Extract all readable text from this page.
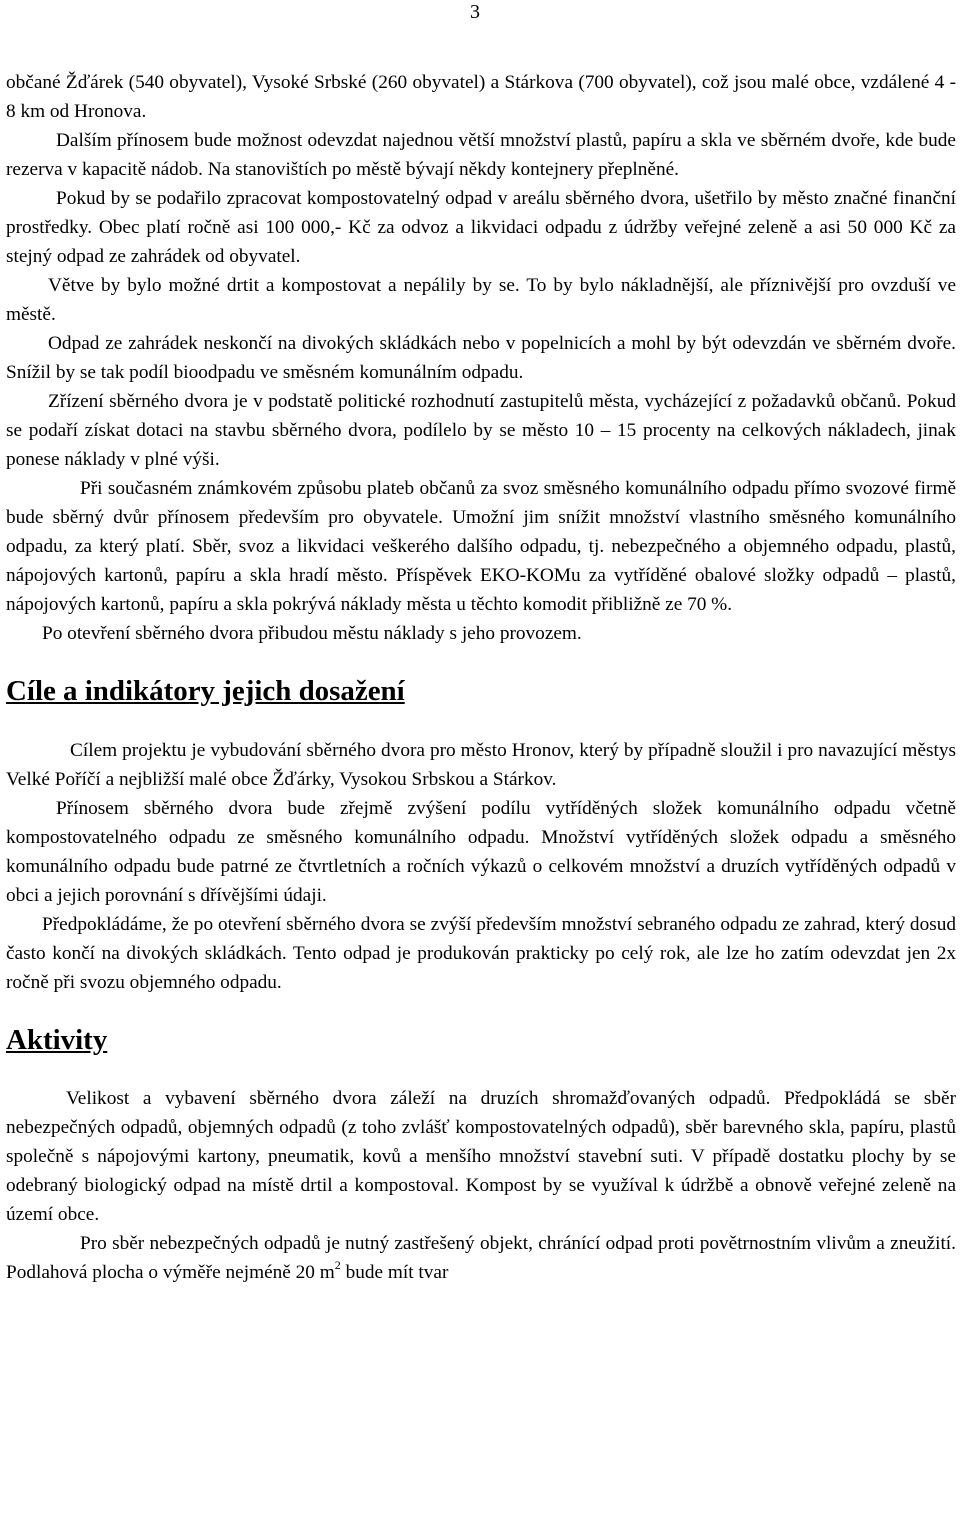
3

občané Žďárek (540 obyvatel), Vysoké Srbské (260 obyvatel) a Stárkova (700 obyvatel), což jsou malé obce, vzdálené 4 - 8 km od Hronova.

Dalším přínosem bude možnost odevzdat najednou větší množství plastů, papíru a skla ve sběrném dvoře, kde bude rezerva v kapacitě nádob. Na stanovištích po městě bývají někdy kontejnery přeplněné.

Pokud by se podařilo zpracovat kompostovatelný odpad v areálu sběrného dvora, ušetřilo by město značné finanční prostředky. Obec platí ročně asi 100 000,- Kč za odvoz a likvidaci odpadu z údržby veřejné zeleně a asi 50 000 Kč za stejný odpad ze zahrádek od obyvatel.

Větve by bylo možné drtit a kompostovat a nepálily by se. To by bylo nákladnější, ale příznivější pro ovzduší ve městě.

Odpad ze zahrádek neskončí na divokých skládkách nebo v popelnicích a mohl by být odevzdán ve sběrném dvoře. Snížil by se tak podíl bioodpadu ve směsném komunálním odpadu.

Zřízení sběrného dvora je v podstatě politické rozhodnutí zastupitelů města, vycházející z požadavků občanů. Pokud se podaří získat dotaci na stavbu sběrného dvora, podílelo by se město 10 – 15 procenty na celkových nákladech, jinak ponese náklady v plné výši.

Při současném známkovém způsobu plateb občanů za svoz směsného komunálního odpadu přímo svozové firmě bude sběrný dvůr přínosem především pro obyvatele. Umožní jim snížit množství vlastního směsného komunálního odpadu, za který platí. Sběr, svoz a likvidaci veškerého dalšího odpadu, tj. nebezpečného a objemného odpadu, plastů, nápojových kartonů, papíru a skla hradí město. Příspěvek EKO-KOMu za vytříděné obalové složky odpadů – plastů, nápojových kartonů, papíru a skla pokrývá náklady města u těchto komodit přibližně ze 70 %.

Po otevření sběrného dvora přibudou městu náklady s jeho provozem.

Cíle a indikátory jejich dosažení

Cílem projektu je vybudování sběrného dvora pro město Hronov, který by případně sloužil i pro navazující městys Velké Poříčí a nejbližší malé obce Žďárky, Vysokou Srbskou a Stárkov.

Přínosem sběrného dvora bude zřejmě zvýšení podílu vytříděných složek komunálního odpadu včetně kompostovatelného odpadu ze směsného komunálního odpadu. Množství vytříděných složek odpadu a směsného komunálního odpadu bude patrné ze čtvrtletních a ročních výkazů o celkovém množství a druzích vytříděných odpadů v obci a jejich porovnání s dřívějšími údaji.

Předpokládáme, že po otevření sběrného dvora se zvýší především množství sebraného odpadu ze zahrad, který dosud často končí na divokých skládkách. Tento odpad je produkován prakticky po celý rok, ale lze ho zatím odevzdat jen 2x ročně při svozu objemného odpadu.

Aktivity

Velikost a vybavení sběrného dvora záleží na druzích shromažďovaných odpadů. Předpokládá se sběr nebezpečných odpadů, objemných odpadů (z toho zvlášť kompostovatelných odpadů), sběr barevného skla, papíru, plastů společně s nápojovými kartony, pneumatik, kovů a menšího množství stavební suti. V případě dostatku plochy by se odebraný biologický odpad na místě drtil a kompostoval. Kompost by se využíval k údržbě a obnově veřejné zeleně na území obce.

Pro sběr nebezpečných odpadů je nutný zastřešený objekt, chránící odpad proti povětrnostním vlivům a zneužití. Podlahová plocha o výměře nejméně 20 $m^2$ bude mít tvar
